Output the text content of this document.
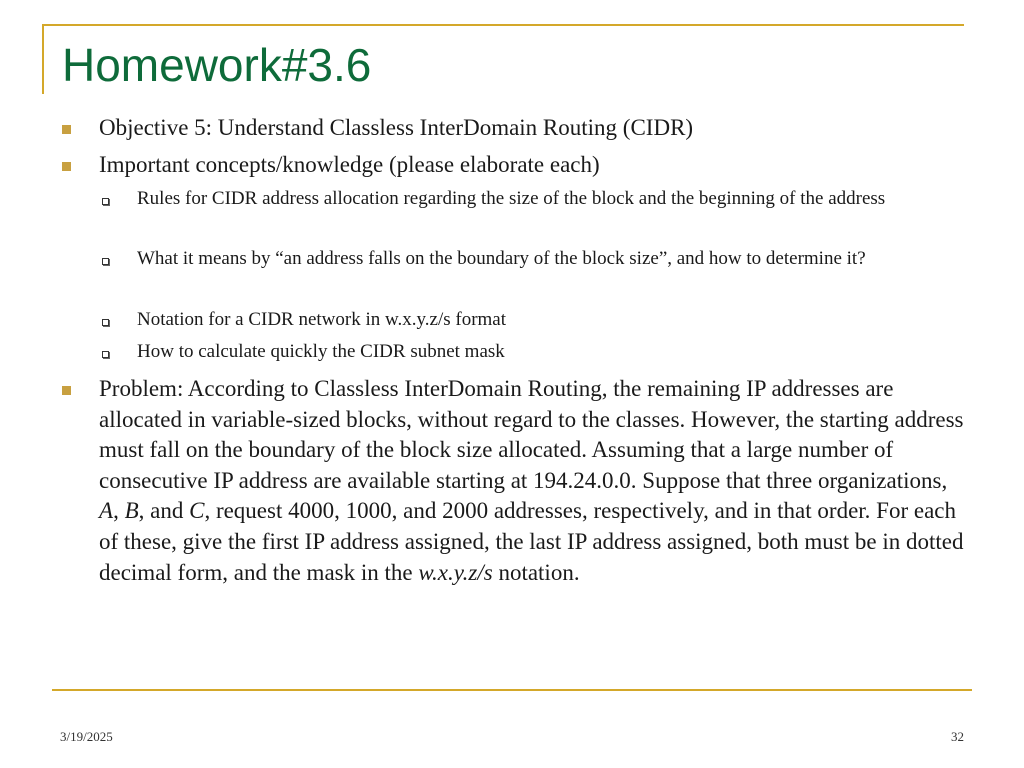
Homework#3.6
Objective 5: Understand Classless InterDomain Routing (CIDR)
Important concepts/knowledge (please elaborate each)
Rules for CIDR address allocation regarding the size of the block and the beginning of the address
What it means by “an address falls on the boundary of the block size”, and how to determine it?
Notation for a CIDR network in w.x.y.z/s format
How to calculate quickly the CIDR subnet mask
Problem: According to Classless InterDomain Routing, the remaining IP addresses are allocated in variable-sized blocks, without regard to the classes. However, the starting address must fall on the boundary of the block size allocated. Assuming that a large number of consecutive IP address are available starting at 194.24.0.0. Suppose that three organizations, A, B, and C, request 4000, 1000, and 2000 addresses, respectively, and in that order. For each of these, give the first IP address assigned, the last IP address assigned, both must be in dotted decimal form, and the mask in the w.x.y.z/s notation.
3/19/2025	32
